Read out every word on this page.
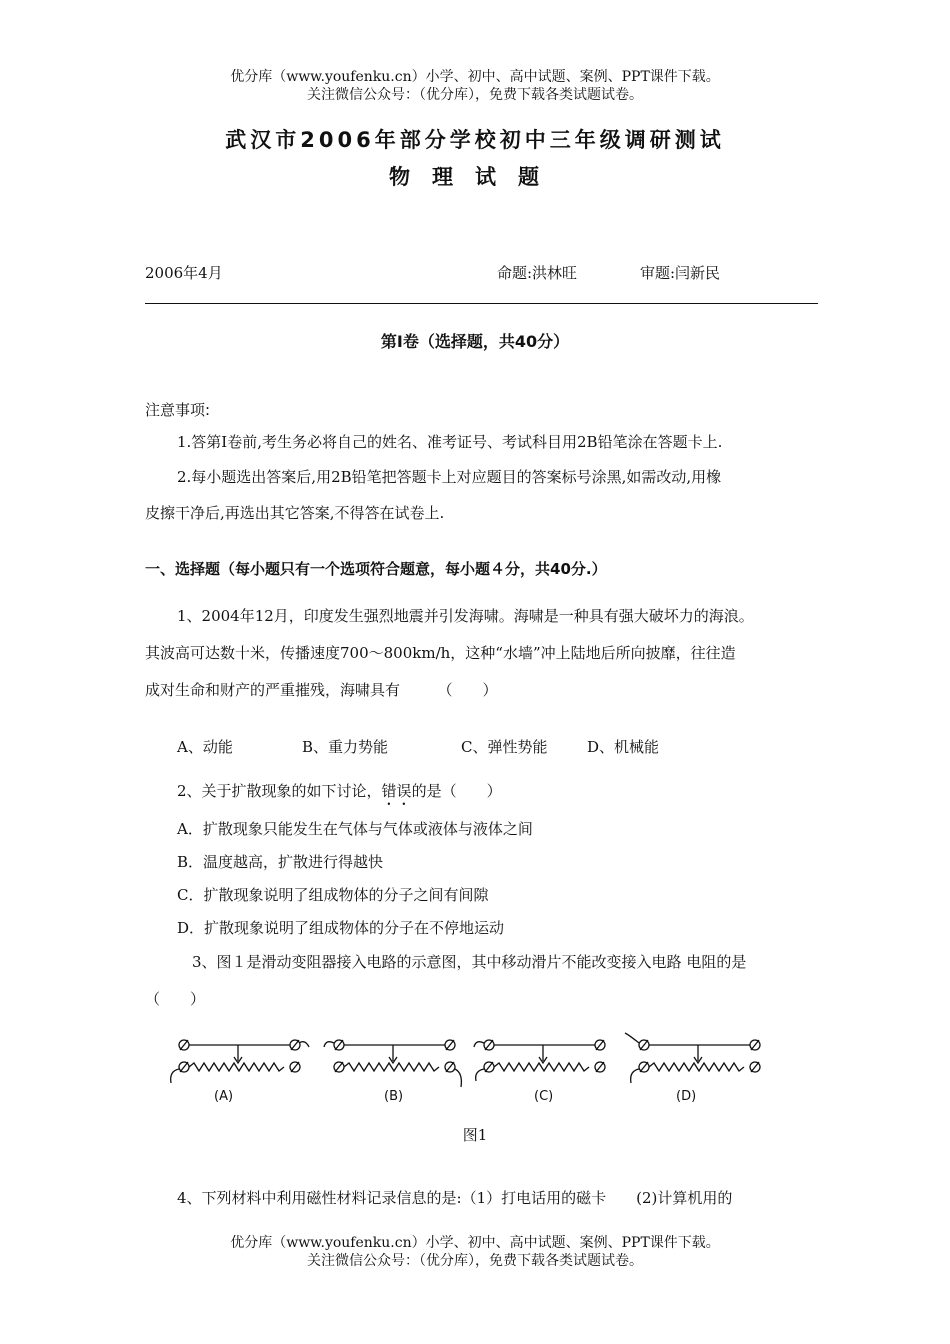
优分库（www.youfenku.cn）小学、初中、高中试题、案例、PPT课件下载。
关注微信公众号：（优分库），免费下载各类试题试卷。
武汉市2006年部分学校初中三年级调研测试
物理试题
2006年4月	命题:洪林旺	审题:闫新民
第Ⅰ卷（选择题，共40分）
注意事项:
1.答第Ⅰ卷前,考生务必将自己的姓名、准考证号、考试科目用2B铅笔涂在答题卡上.
2.每小题选出答案后,用2B铅笔把答题卡上对应题目的答案标号涂黑,如需改动,用橡
皮擦干净后,再选出其它答案,不得答在试卷上.
一、选择题（每小题只有一个选项符合题意，每小题４分，共40分.）
1、2004年12月，印度发生强烈地震并引发海啸。海啸是一种具有强大破坏力的海浪。
其波高可达数十米，传播速度700～800km/h，这种“水墙”冲上陆地后所向披靡，往往造
成对生命和财产的严重摧残，海啸具有　　　（　　）
A、动能	B、重力势能	C、弹性势能	D、机械能
2、关于扩散现象的如下讨论，错误的是（　　）
A．扩散现象只能发生在气体与气体或液体与液体之间
B．温度越高，扩散进行得越快
C．扩散现象说明了组成物体的分子之间有间隙
D．扩散现象说明了组成物体的分子在不停地运动
3、图１是滑动变阻器接入电路的示意图，其中移动滑片不能改变接入电路 电阻的是
（　　）
(A)	(B)	(C)	(D)
图1
4、下列材料中利用磁性材料记录信息的是:（1）打电话用的磁卡　　(2)计算机用的
优分库（www.youfenku.cn）小学、初中、高中试题、案例、PPT课件下载。
关注微信公众号：（优分库），免费下载各类试题试卷。
